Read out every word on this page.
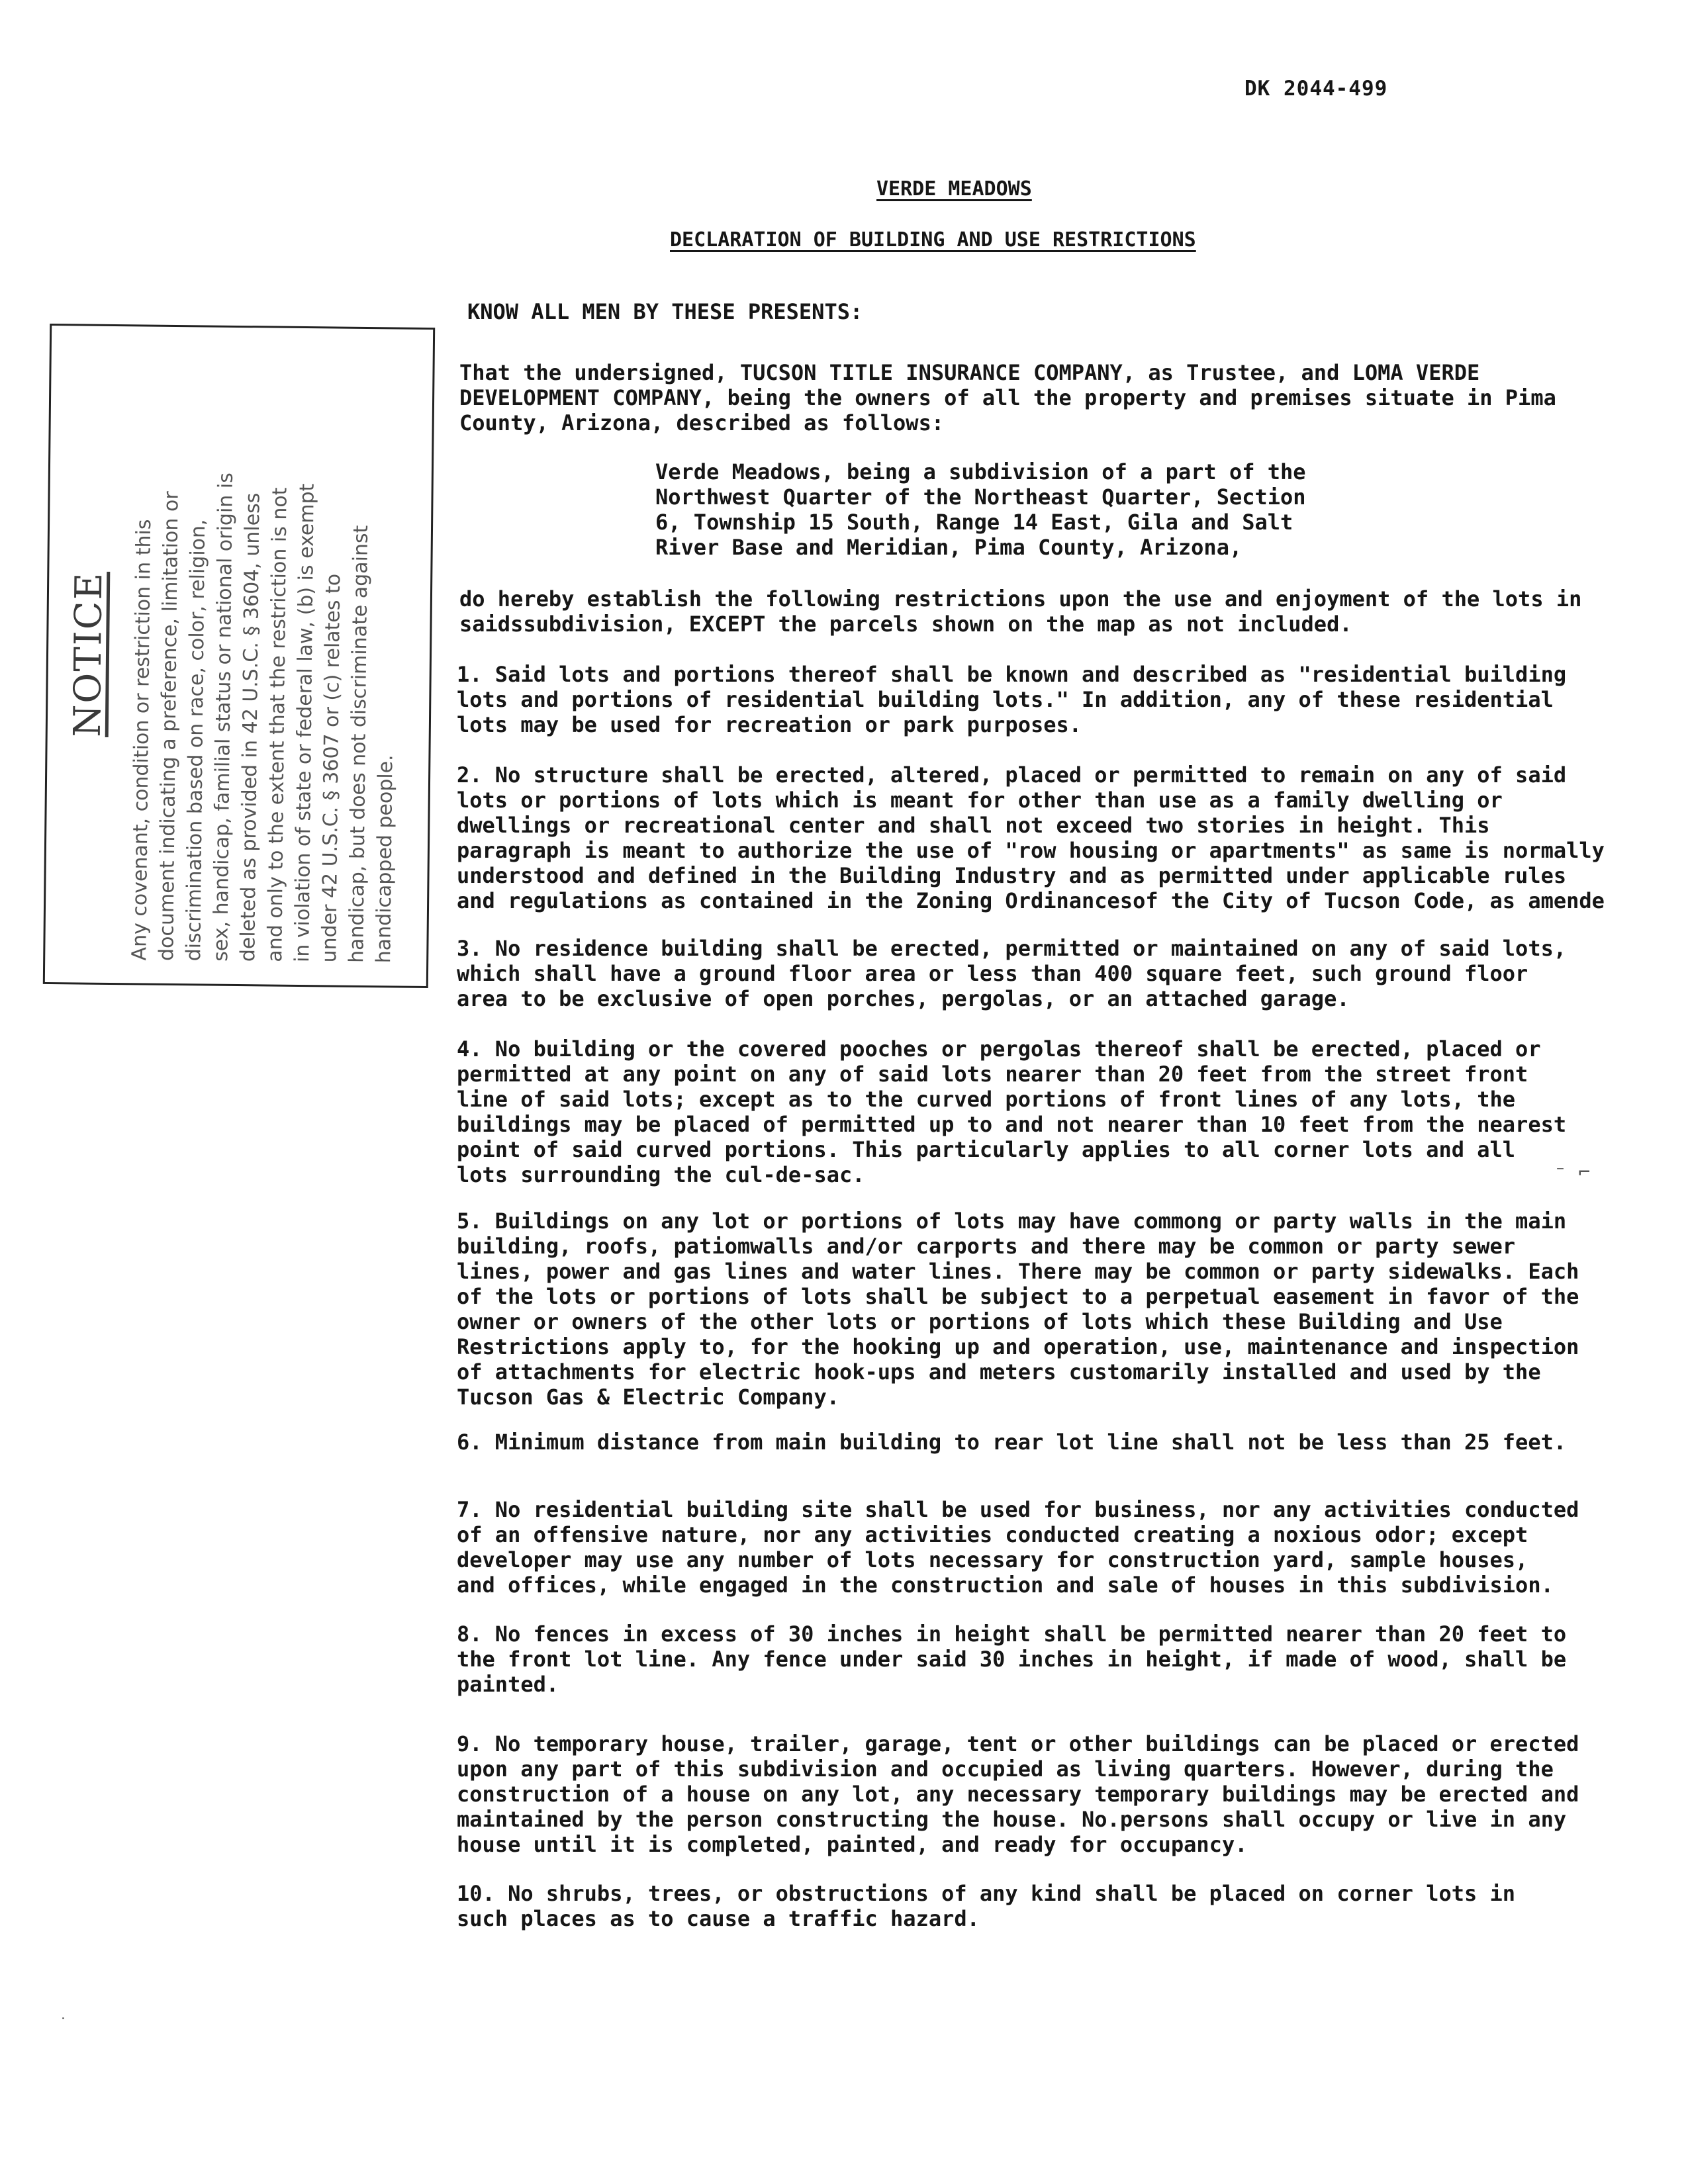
DK 2044-499
VERDE MEADOWS
DECLARATION OF BUILDING AND USE RESTRICTIONS
KNOW ALL MEN BY THESE PRESENTS:
That the undersigned, TUCSON TITLE INSURANCE COMPANY, as Trustee, and LOMA VERDE
DEVELOPMENT COMPANY, being the owners of all the property and premises situate in Pima
County, Arizona, described as follows:
Verde Meadows, being a subdivision of a part of the
Northwest Quarter of the Northeast Quarter, Section
6, Township 15 South, Range 14 East, Gila and Salt
River Base and Meridian, Pima County, Arizona,
do hereby establish the following restrictions upon the use and enjoyment of the lots in
saidssubdivision, EXCEPT the parcels shown on the map as not included.
1. Said lots and portions thereof shall be known and described as "residential building
lots and portions of residential building lots." In addition, any of these residential
lots may be used for recreation or park purposes.
2. No structure shall be erected, altered, placed or permitted to remain on any of said
lots or portions of lots which is meant for other than use as a family dwelling or
dwellings or recreational center and shall not exceed two stories in height. This
paragraph is meant to authorize the use of "row housing or apartments" as same is normally
understood and defined in the Building Industry and as permitted under applicable rules
and regulations as contained in the Zoning Ordinancesof the City of Tucson Code, as amende
3. No residence building shall be erected, permitted or maintained on any of said lots,
which shall have a ground floor area or less than 400 square feet, such ground floor
area to be exclusive of open porches, pergolas, or an attached garage.
4. No building or the covered pooches or pergolas thereof shall be erected, placed or
permitted at any point on any of said lots nearer than 20 feet from the street front
line of said lots; except as to the curved portions of front lines of any lots, the
buildings may be placed of permitted up to and not nearer than 10 feet from the nearest
point of said curved portions. This particularly applies to all corner lots and all
lots surrounding the cul-de-sac.
5. Buildings on any lot or portions of lots may have commong or party walls in the main
building, roofs, patiomwalls and/or carports and there may be common or party sewer
lines, power and gas lines and water lines. There may be common or party sidewalks. Each
of the lots or portions of lots shall be subject to a perpetual easement in favor of the
owner or owners of the other lots or portions of lots which these Building and Use
Restrictions apply to, for the hooking up and operation, use, maintenance and inspection
of attachments for electric hook-ups and meters customarily installed and used by the
Tucson Gas & Electric Company.
6. Minimum distance from main building to rear lot line shall not be less than 25 feet.
7. No residential building site shall be used for business, nor any activities conducted
of an offensive nature, nor any activities conducted creating a noxious odor; except
developer may use any number of lots necessary for construction yard, sample houses,
and offices, while engaged in the construction and sale of houses in this subdivision.
8. No fences in excess of 30 inches in height shall be permitted nearer than 20 feet to
the front lot line. Any fence under said 30 inches in height, if made of wood, shall be
painted.
9. No temporary house, trailer, garage, tent or other buildings can be placed or erected
upon any part of this subdivision and occupied as living quarters. However, during the
construction of a house on any lot, any necessary temporary buildings may be erected and
maintained by the person constructing the house. No.persons shall occupy or live in any
house until it is completed, painted, and ready for occupancy.
10. No shrubs, trees, or obstructions of any kind shall be placed on corner lots in
such places as to cause a traffic hazard.
NOTICE Any covenant, condition or restriction in this
document indicating a preference, limitation or
discrimination based on race, color, religion,
sex, handicap, familial status or national origin is
deleted as provided in 42 U.S.C. § 3604, unless
and only to the extent that the restriction is not
in violation of state or federal law, (b) is exempt
under 42 U.S.C. § 3607 or (c) relates to
handicap, but does not discriminate against
handicapped people.
⁻ ⌐
·
